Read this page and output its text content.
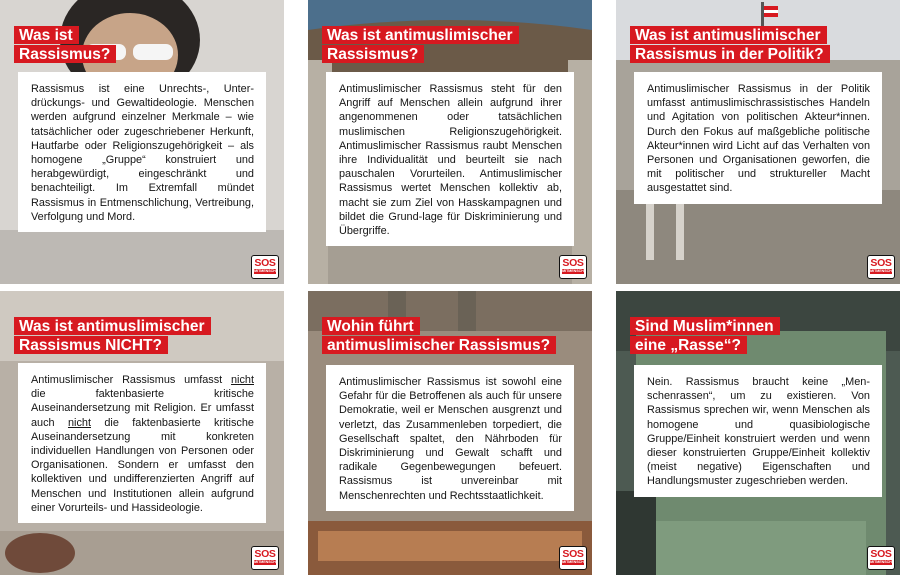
Was ist
Rassismus?

Rassismus ist eine Unrechts-, Unterdrückungs- und Gewaltideologie. Menschen werden aufgrund einzelner Merkmale – wie tatsächlicher oder zugeschriebener Herkunft, Hautfarbe oder Religionszugehörigkeit – als homogene „Gruppe“ konstruiert und herabgewürdigt, eingeschränkt und benachteiligt. Im Extremfall mündet Rassismus in Entmenschlichung, Vertreibung, Verfolgung und Mord.

SOS
MITMENSCH
Was ist antimuslimischer
Rassismus?

Antimuslimischer Rassismus steht für den Angriff auf Menschen allein aufgrund ihrer angenommenen oder tatsächlichen muslimischen Religionszugehörigkeit. Antimuslimischer Rassismus raubt Menschen ihre Individualität und beurteilt sie nach pauschalen Vorurteilen. Antimuslimischer Rassismus wertet Menschen kollektiv ab, macht sie zum Ziel von Hasskampagnen und bildet die Grund-lage für Diskriminierung und Übergriffe.

SOS
MITMENSCH
Was ist antimuslimischer
Rassismus in der Politik?

Antimuslimischer Rassismus in der Politik umfasst antimuslimischrassistisches Handeln und Agitation von politischen Akteur*innen. Durch den Fokus auf maßgebliche politische Akteur*innen wird Licht auf das Verhalten von Personen und Organisationen geworfen, die mit politischer und struktureller Macht ausgestattet sind.

SOS
MITMENSCH
Was ist antimuslimischer
Rassismus NICHT?

Antimuslimischer Rassismus umfasst nicht die faktenbasierte kritische Auseinandersetzung mit Religion. Er umfasst auch nicht die faktenbasierte kritische Auseinandersetzung mit konkreten individuellen Handlungen von Personen oder Organisationen. Sondern er umfasst den kollektiven und undifferenzierten Angriff auf Menschen und Institutionen allein aufgrund einer Vorurteils- und Hassideologie.

SOS
MITMENSCH
Wohin führt
antimuslimischer Rassismus?

Antimuslimischer Rassismus ist sowohl eine Gefahr für die Betroffenen als auch für unsere Demokratie, weil er Menschen ausgrenzt und verletzt, das Zusammenleben torpediert, die Gesellschaft spaltet, den Nährboden für Diskriminierung und Gewalt schafft und radikale Gegenbewegungen befeuert. Rassismus ist unvereinbar mit Menschenrechten und Rechtsstaatlichkeit.

SOS
MITMENSCH
Sind Muslim*innen
eine „Rasse“?

Nein. Rassismus braucht keine „Menschenrassen“, um zu existieren. Von Rassismus sprechen wir, wenn Menschen als homogene und quasibiologische Gruppe/Einheit konstruiert werden und wenn dieser konstruierten Gruppe/Einheit kollektiv (meist negative) Eigenschaften und Handlungsmuster zugeschrieben werden.

SOS
MITMENSCH
